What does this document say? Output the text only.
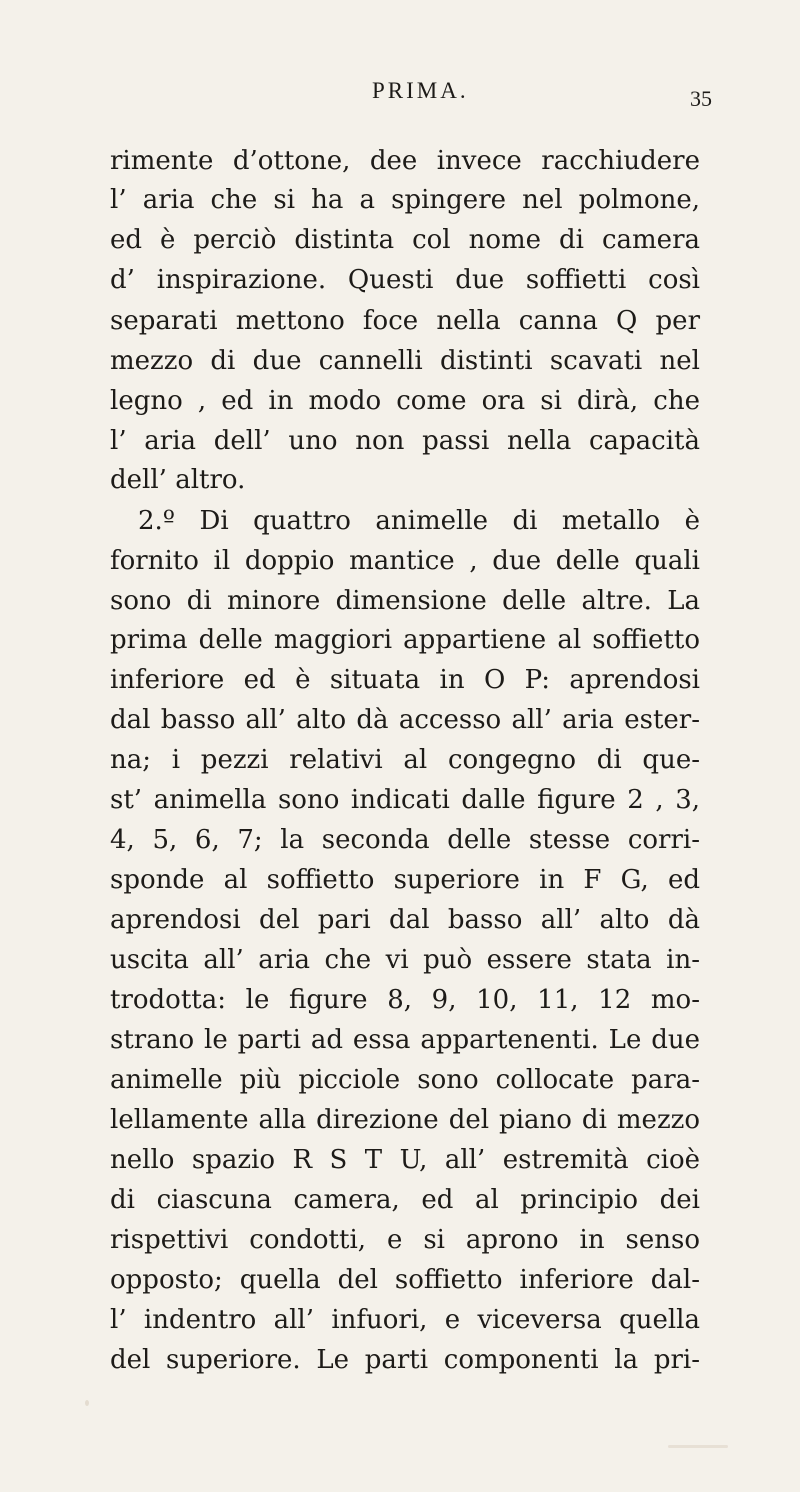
PRIMA.	35
rimente d’ottone, dee invece racchiudere
l’ aria che si ha a spingere nel polmone,
ed è perciò distinta col nome di camera
d’ inspirazione. Questi due soffietti così
separati mettono foce nella canna Q per
mezzo di due cannelli distinti scavati nel
legno , ed in modo come ora si dirà, che
l’ aria dell’ uno non passi nella capacità
dell’ altro.
2.º Di quattro animelle di metallo è
fornito il doppio mantice , due delle quali
sono di minore dimensione delle altre. La
prima delle maggiori appartiene al soffietto
inferiore ed è situata in O P: aprendosi
dal basso all’ alto dà accesso all’ aria ester-
na; i pezzi relativi al congegno di que-
st’ animella sono indicati dalle figure 2 , 3,
4, 5, 6, 7; la seconda delle stesse corri-
sponde al soffietto superiore in F G, ed
aprendosi del pari dal basso all’ alto dà
uscita all’ aria che vi può essere stata in-
trodotta: le figure 8, 9, 10, 11, 12 mo-
strano le parti ad essa appartenenti. Le due
animelle più picciole sono collocate para-
lellamente alla direzione del piano di mezzo
nello spazio R S T U, all’ estremità cioè
di ciascuna camera, ed al principio dei
rispettivi condotti, e si aprono in senso
opposto; quella del soffietto inferiore dal-
l’ indentro all’ infuori, e viceversa quella
del superiore. Le parti componenti la pri-
